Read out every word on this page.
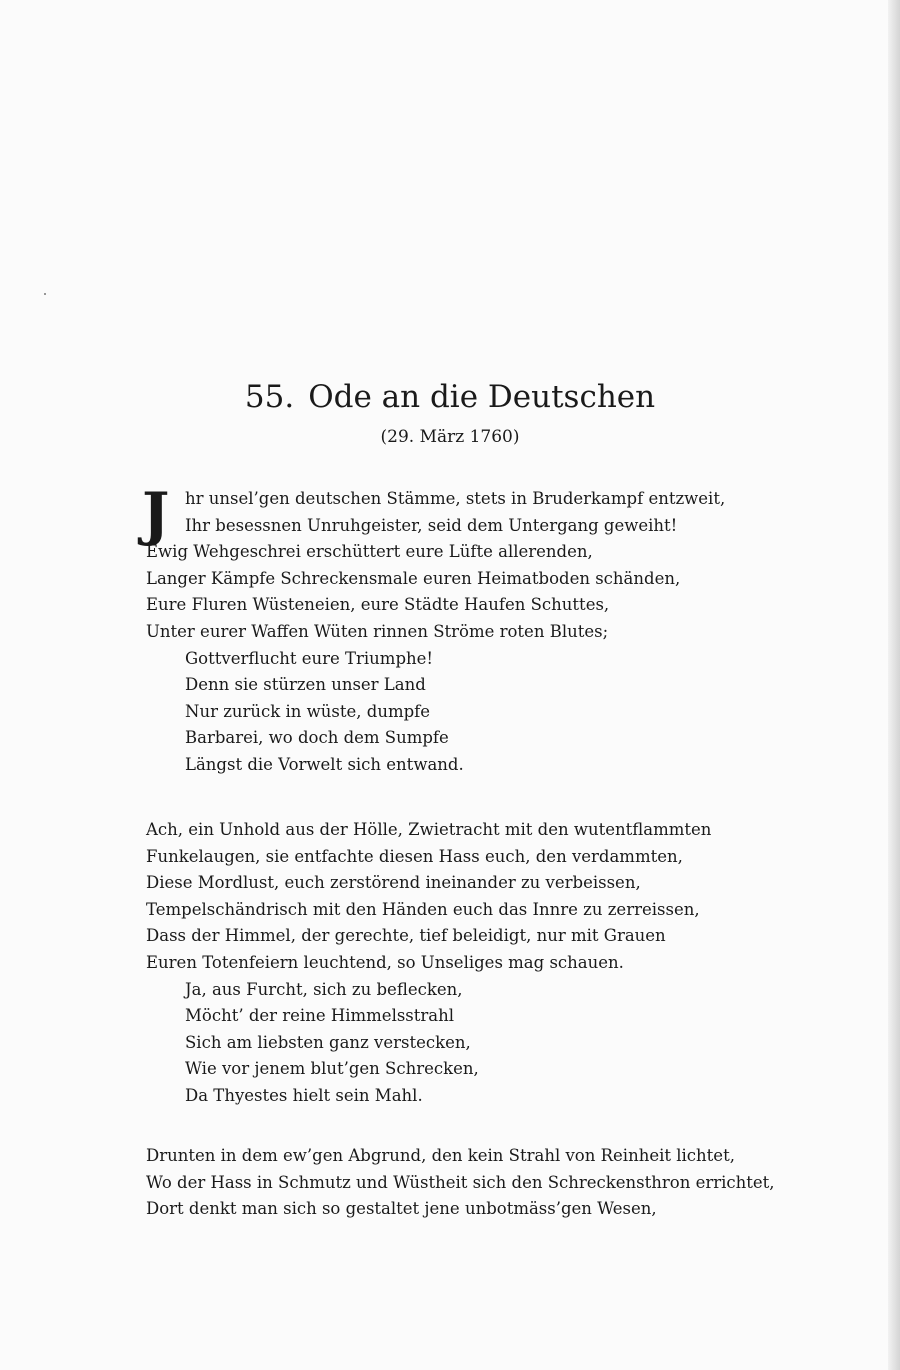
55. Ode an die Deutschen
(29. März 1760)
J hr unsel’gen deutschen Stämme, stets in Bruderkampf entzweit,
Ihr besessnen Unruhgeister, seid dem Untergang geweiht!
Ewig Wehgeschrei erschüttert eure Lüfte allerenden,
Langer Kämpfe Schreckensmale euren Heimatboden schänden,
Eure Fluren Wüsteneien, eure Städte Haufen Schuttes,
Unter eurer Waffen Wüten rinnen Ströme roten Blutes;
Gottverflucht eure Triumphe!
Denn sie stürzen unser Land
Nur zurück in wüste, dumpfe
Barbarei, wo doch dem Sumpfe
Längst die Vorwelt sich entwand.
Ach, ein Unhold aus der Hölle, Zwietracht mit den wutentflammten
Funkelaugen, sie entfachte diesen Hass euch, den verdammten,
Diese Mordlust, euch zerstörend ineinander zu verbeissen,
Tempelschändrisch mit den Händen euch das Innre zu zerreissen,
Dass der Himmel, der gerechte, tief beleidigt, nur mit Grauen
Euren Totenfeiern leuchtend, so Unseliges mag schauen.
Ja, aus Furcht, sich zu beflecken,
Möcht’ der reine Himmelsstrahl
Sich am liebsten ganz verstecken,
Wie vor jenem blut’gen Schrecken,
Da Thyestes hielt sein Mahl.
Drunten in dem ew’gen Abgrund, den kein Strahl von Reinheit lichtet,
Wo der Hass in Schmutz und Wüstheit sich den Schreckensthron errichtet,
Dort denkt man sich so gestaltet jene unbotmäss’gen Wesen,
